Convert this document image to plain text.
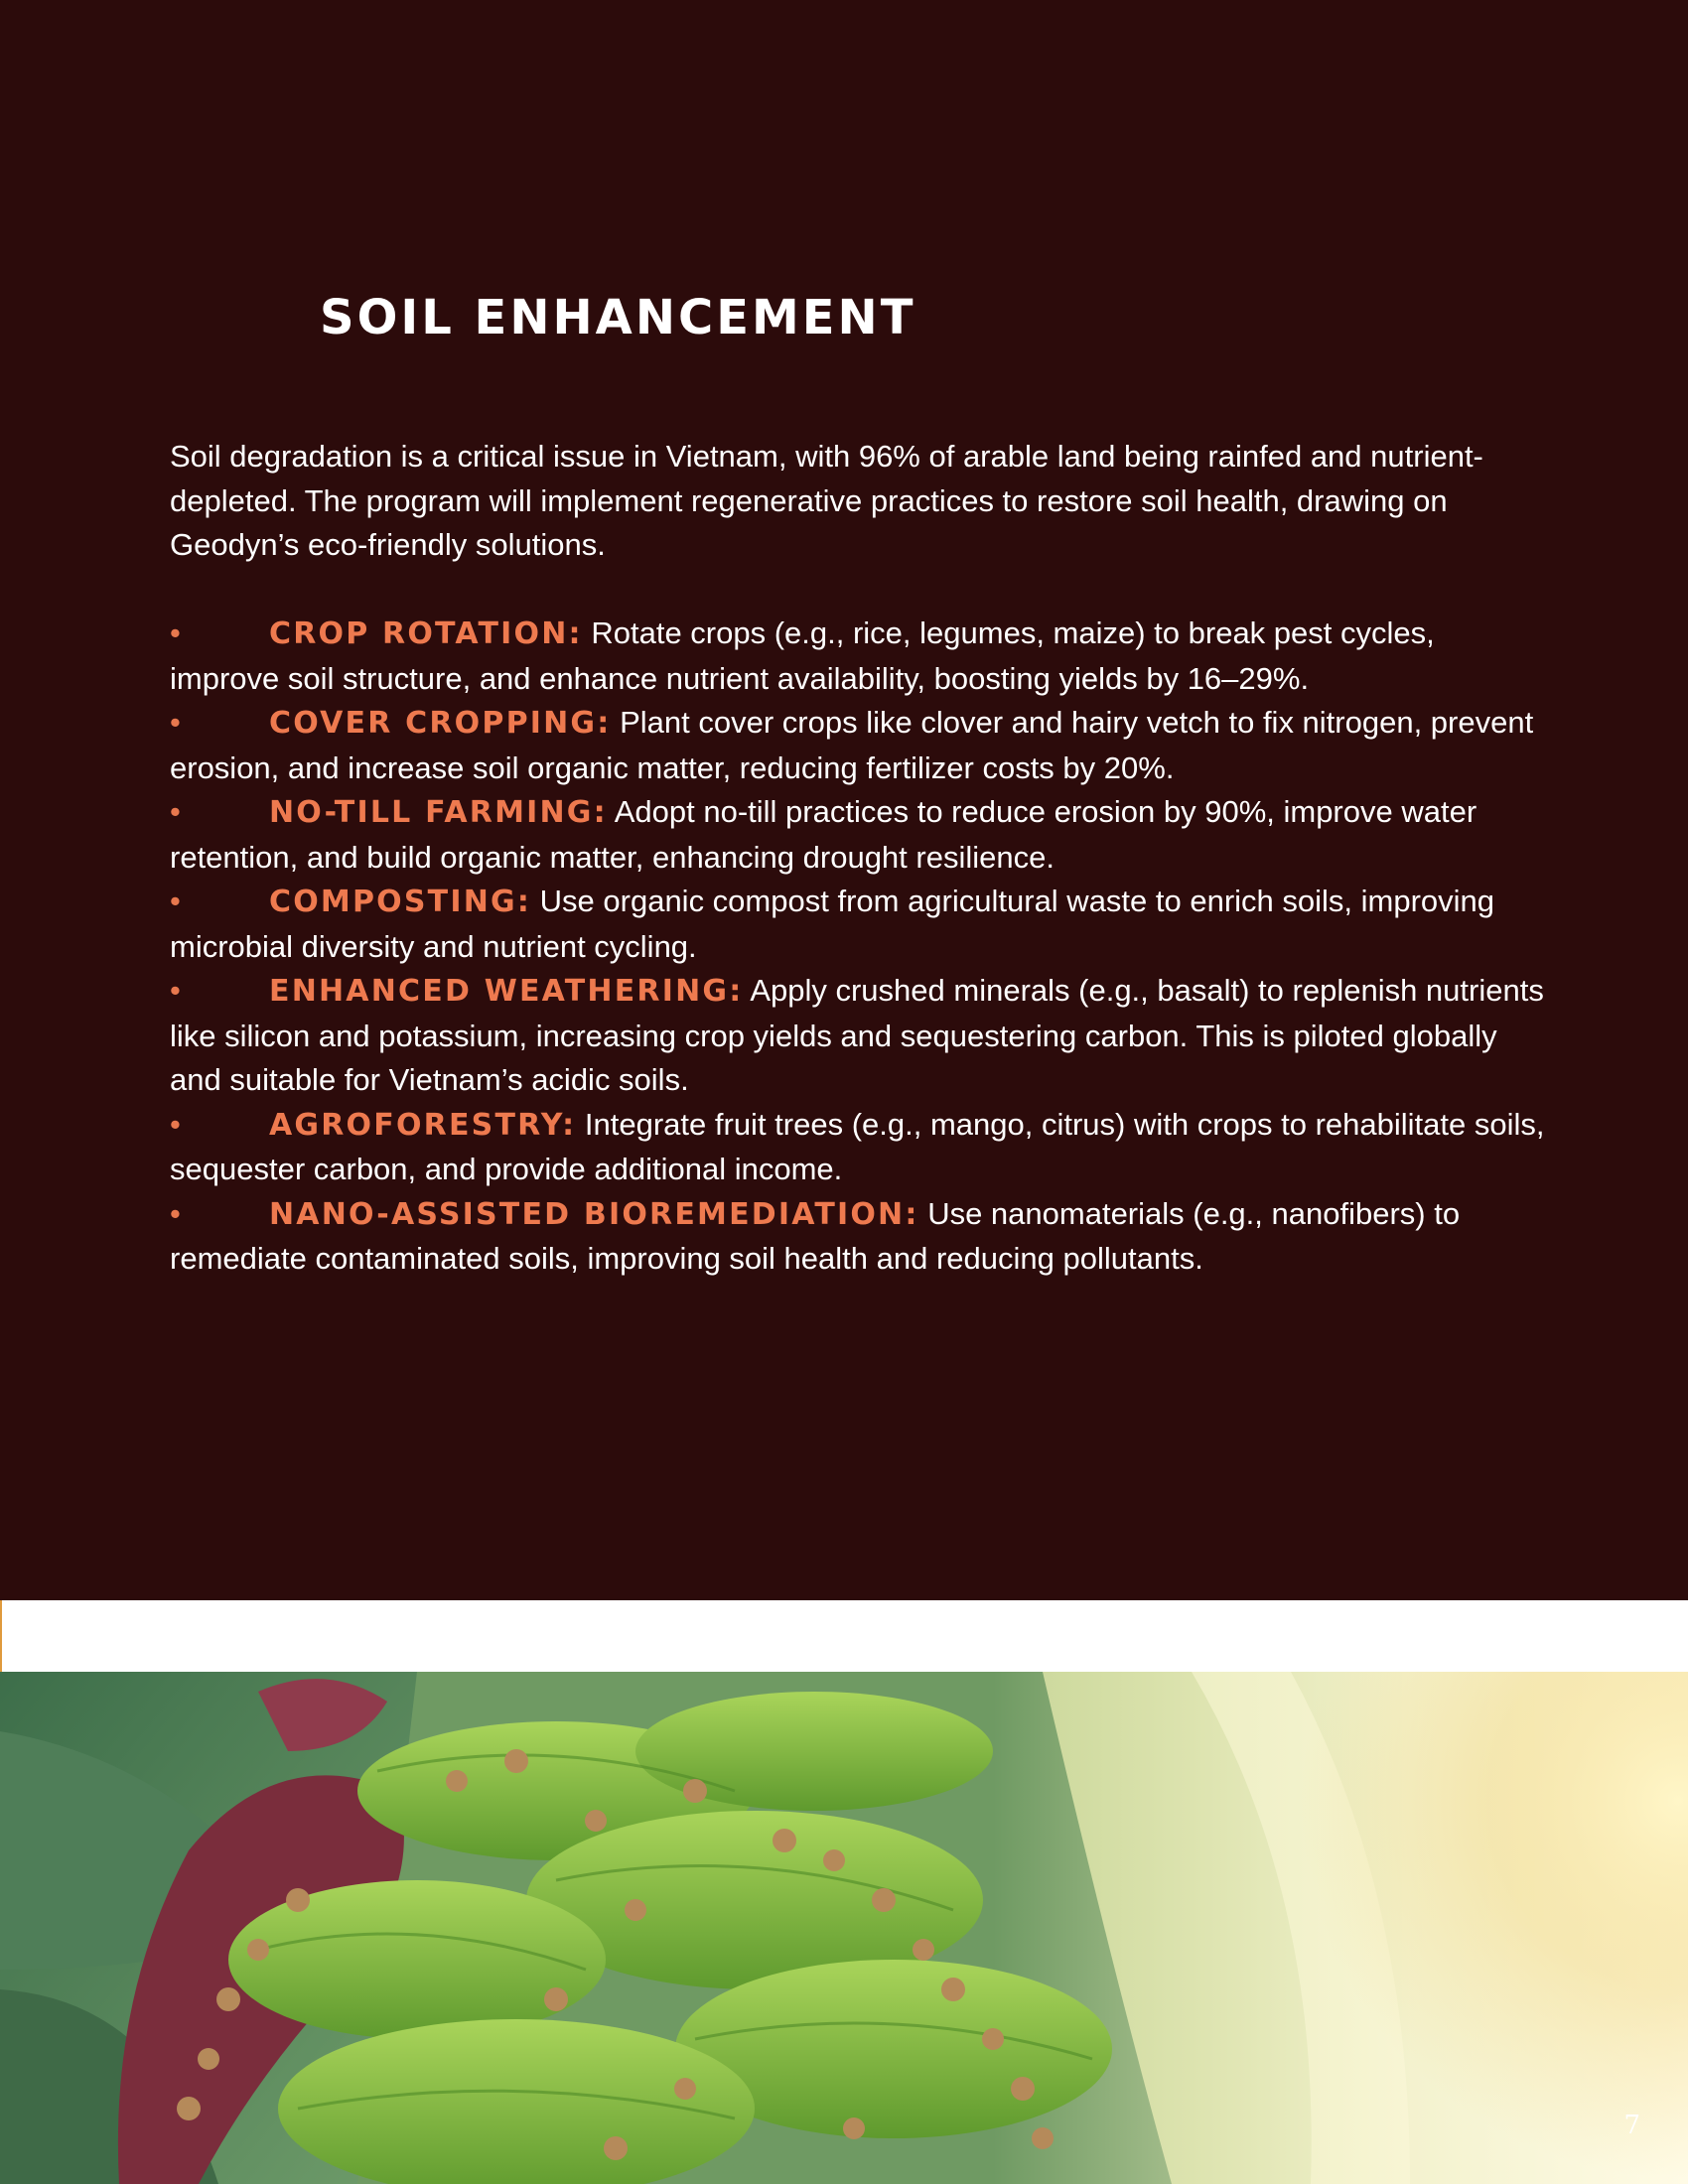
SOIL ENHANCEMENT

Soil degradation is a critical issue in Vietnam, with 96% of arable land being rainfed and nutrient-depleted. The program will implement regenerative practices to restore soil health, drawing on Geodyn’s eco-friendly solutions.

•	CROP ROTATION: Rotate crops (e.g., rice, legumes, maize) to break pest cycles, improve soil structure, and enhance nutrient availability, boosting yields by 16–29%.
•	COVER CROPPING: Plant cover crops like clover and hairy vetch to fix nitrogen, prevent erosion, and increase soil organic matter, reducing fertilizer costs by 20%.
•	NO-TILL FARMING: Adopt no-till practices to reduce erosion by 90%, improve water retention, and build organic matter, enhancing drought resilience.
•	COMPOSTING: Use organic compost from agricultural waste to enrich soils, improving microbial diversity and nutrient cycling.
•	ENHANCED WEATHERING: Apply crushed minerals (e.g., basalt) to replenish nutrients like silicon and potassium, increasing crop yields and sequestering carbon. This is piloted globally and suitable for Vietnam’s acidic soils.
•	AGROFORESTRY: Integrate fruit trees (e.g., mango, citrus) with crops to rehabilitate soils, sequester carbon, and provide additional income.
•	NANO-ASSISTED BIOREMEDIATION: Use nanomaterials (e.g., nanofibers) to remediate contaminated soils, improving soil health and reducing pollutants.

7
